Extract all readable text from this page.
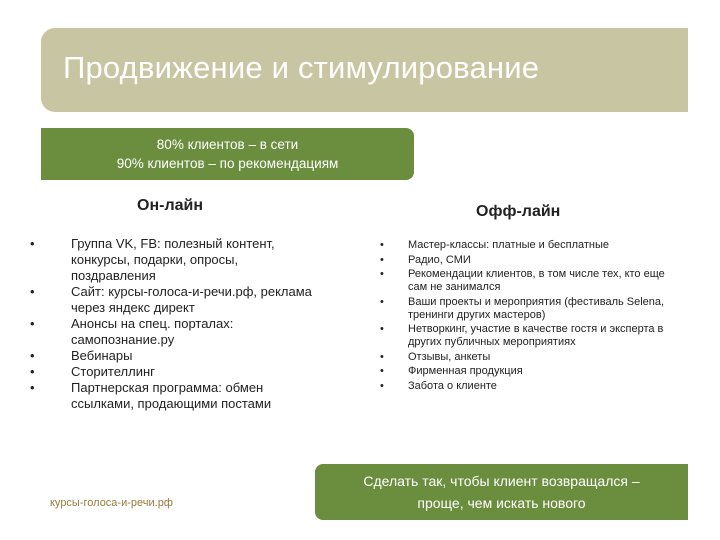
Продвижение и стимулирование
80% клиентов – в сети
90% клиентов – по рекомендациям
Он-лайн	Офф-лайн
•	Группа VK, FB: полезный контент, конкурсы, подарки, опросы, поздравления
•	Сайт: курсы-голоса-и-речи.рф, реклама через яндекс директ
•	Анонсы на спец. порталах: самопознание.ру
•	Вебинары
•	Сторителлинг
•	Партнерская программа: обмен ссылками, продающими постами
• Мастер-классы: платные и бесплатные
• Радио, СМИ
• Рекомендации клиентов, в том числе тех, кто еще сам не занимался
• Ваши проекты и мероприятия (фестиваль Selena, тренинги других мастеров)
• Нетворкинг, участие в качестве гостя и эксперта в других публичных мероприятиях
• Отзывы, анкеты
• Фирменная продукция
• Забота о клиенте
курсы-голоса-и-речи.рф
Сделать так, чтобы клиент возвращался –
проще, чем искать нового
